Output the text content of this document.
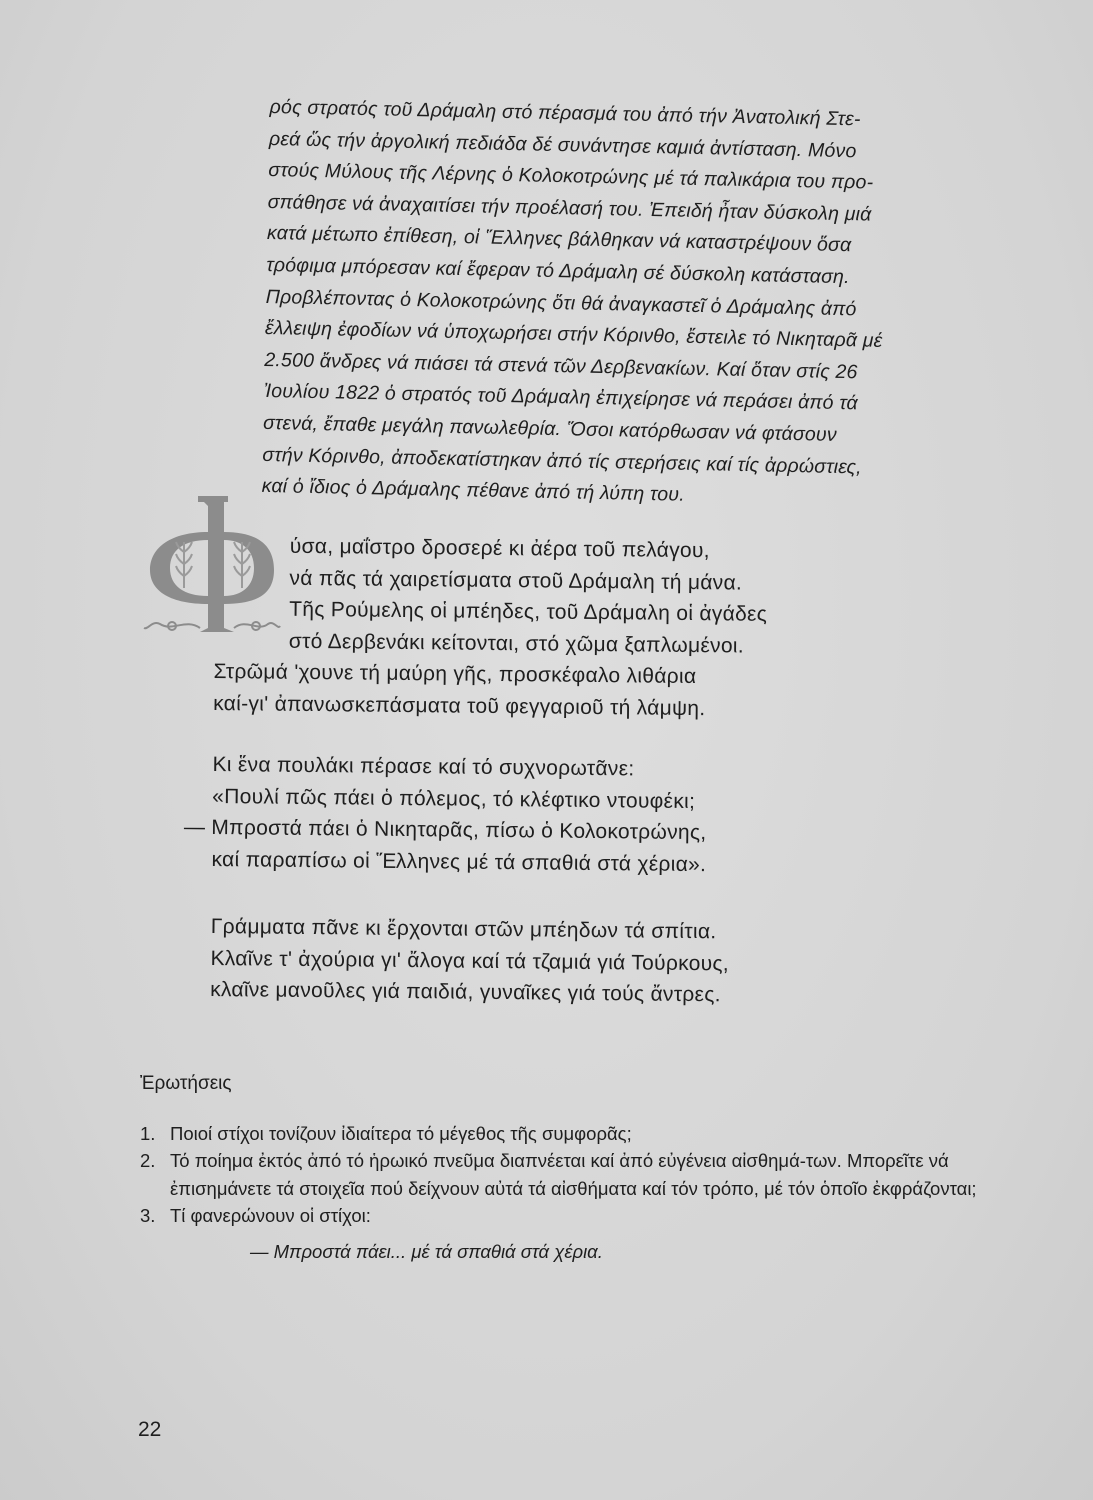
ρός στρατός τοῦ Δράμαλη στό πέρασμά του ἀπό τήν Ἀνατολική Στε-
ρεά ὥς τήν ἀργολική πεδιάδα δέ συνάντησε καμιά ἀντίσταση. Μόνο
στούς Μύλους τῆς Λέρνης ὁ Κολοκοτρώνης μέ τά παλικάρια του προ-
σπάθησε νά ἀναχαιτίσει τήν προέλασή του. Ἐπειδή ἦταν δύσκολη μιά
κατά μέτωπο ἐπίθεση, οἱ Ἕλληνες βάλθηκαν νά καταστρέψουν ὅσα
τρόφιμα μπόρεσαν καί ἔφεραν τό Δράμαλη σέ δύσκολη κατάσταση.
Προβλέποντας ὁ Κολοκοτρώνης ὅτι θά ἀναγκαστεῖ ὁ Δράμαλης ἀπό
ἔλλειψη ἐφοδίων νά ὑποχωρήσει στήν Κόρινθο, ἔστειλε τό Νικηταρᾶ μέ
2.500 ἄνδρες νά πιάσει τά στενά τῶν Δερβενακίων. Καί ὅταν στίς 26
Ἰουλίου 1822 ὁ στρατός τοῦ Δράμαλη ἐπιχείρησε νά περάσει ἀπό τά
στενά, ἔπαθε μεγάλη πανωλεθρία. Ὅσοι κατόρθωσαν νά φτάσουν
στήν Κόρινθο, ἀποδεκατίστηκαν ἀπό τίς στερήσεις καί τίς ἀρρώστιες,
καί ὁ ἴδιος ὁ Δράμαλης πέθανε ἀπό τή λύπη του.
ύσα, μαΐστρο δροσερέ κι ἀέρα τοῦ πελάγου,
νά πᾶς τά χαιρετίσματα στοῦ Δράμαλη τή μάνα.
Τῆς Ρούμελης οἱ μπέηδες, τοῦ Δράμαλη οἱ ἀγάδες
στό Δερβενάκι κείτονται, στό χῶμα ξαπλωμένοι.
Στρῶμά 'χουνε τή μαύρη γῆς, προσκέφαλο λιθάρια
καί-γι' ἀπανωσκεπάσματα τοῦ φεγγαριοῦ τή λάμψη.
Κι ἕνα πουλάκι πέρασε καί τό συχνορωτᾶνε:
«Πουλί πῶς πάει ὁ πόλεμος, τό κλέφτικο ντουφέκι;
— Μπροστά πάει ὁ Νικηταρᾶς, πίσω ὁ Κολοκοτρώνης,
καί παραπίσω οἱ Ἕλληνες μέ τά σπαθιά στά χέρια».
Γράμματα πᾶνε κι ἔρχονται στῶν μπέηδων τά σπίτια.
Κλαῖνε τ' ἀχούρια γι' ἄλογα καί τά τζαμιά γιά Τούρκους,
κλαῖνε μανοῦλες γιά παιδιά, γυναῖκες γιά τούς ἄντρες.
Ἐρωτήσεις
1. Ποιοί στίχοι τονίζουν ἰδιαίτερα τό μέγεθος τῆς συμφορᾶς;
2. Τό ποίημα ἐκτός ἀπό τό ἡρωικό πνεῦμα διαπνέεται καί ἀπό εὐγένεια αἰσθημά-των. Μπορεῖτε νά ἐπισημάνετε τά στοιχεῖα πού δείχνουν αὐτά τά αἰσθήματα καί τόν τρόπο, μέ τόν ὁποῖο ἐκφράζονται;
3. Τί φανερώνουν οἱ στίχοι:
— Μπροστά πάει... μέ τά σπαθιά στά χέρια.
22
